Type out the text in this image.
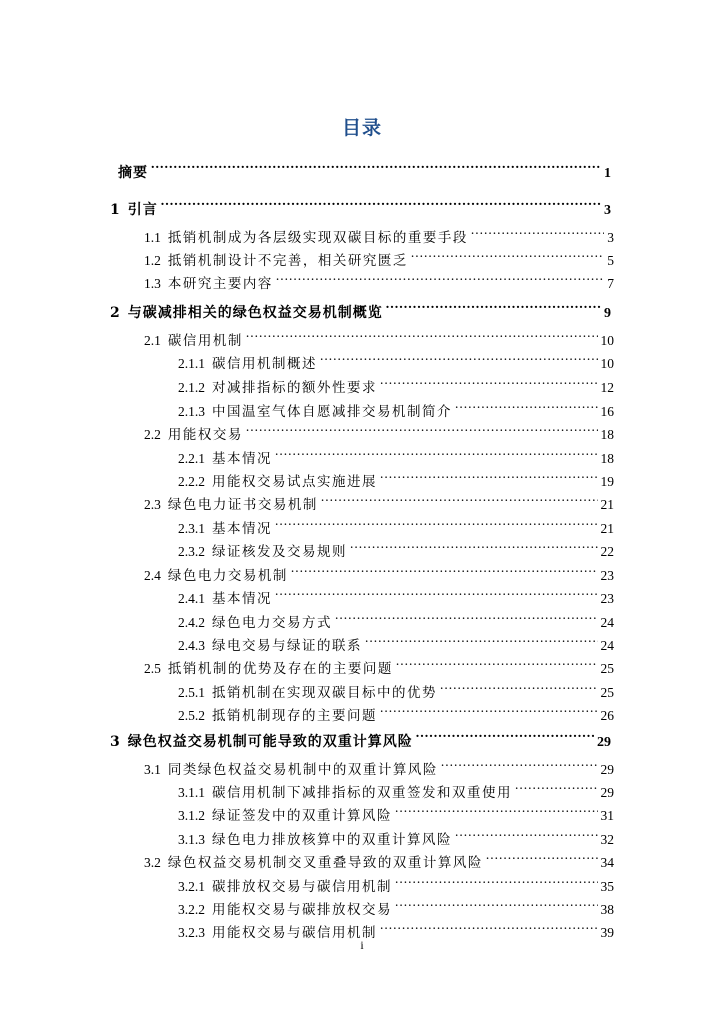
目录
摘要 .....	1
1 引言 .....	3
1.1 抵销机制成为各层级实现双碳目标的重要手段 .....	3
1.2 抵销机制设计不完善，相关研究匮乏 .....	5
1.3 本研究主要内容 .....	7
2 与碳减排相关的绿色权益交易机制概览 .....	9
2.1 碳信用机制 .....	10
2.1.1 碳信用机制概述 .....	10
2.1.2 对减排指标的额外性要求 .....	12
2.1.3 中国温室气体自愿减排交易机制简介 .....	16
2.2 用能权交易 .....	18
2.2.1 基本情况 .....	18
2.2.2 用能权交易试点实施进展 .....	19
2.3 绿色电力证书交易机制 .....	21
2.3.1 基本情况 .....	21
2.3.2 绿证核发及交易规则 .....	22
2.4 绿色电力交易机制 .....	23
2.4.1 基本情况 .....	23
2.4.2 绿色电力交易方式 .....	24
2.4.3 绿电交易与绿证的联系 .....	24
2.5 抵销机制的优势及存在的主要问题 .....	25
2.5.1 抵销机制在实现双碳目标中的优势 .....	25
2.5.2 抵销机制现存的主要问题 .....	26
3 绿色权益交易机制可能导致的双重计算风险 .....	29
3.1 同类绿色权益交易机制中的双重计算风险 .....	29
3.1.1 碳信用机制下减排指标的双重签发和双重使用 .....	29
3.1.2 绿证签发中的双重计算风险 .....	31
3.1.3 绿色电力排放核算中的双重计算风险 .....	32
3.2 绿色权益交易机制交叉重叠导致的双重计算风险 .....	34
3.2.1 碳排放权交易与碳信用机制 .....	35
3.2.2 用能权交易与碳排放权交易 .....	38
3.2.3 用能权交易与碳信用机制 .....	39
i
